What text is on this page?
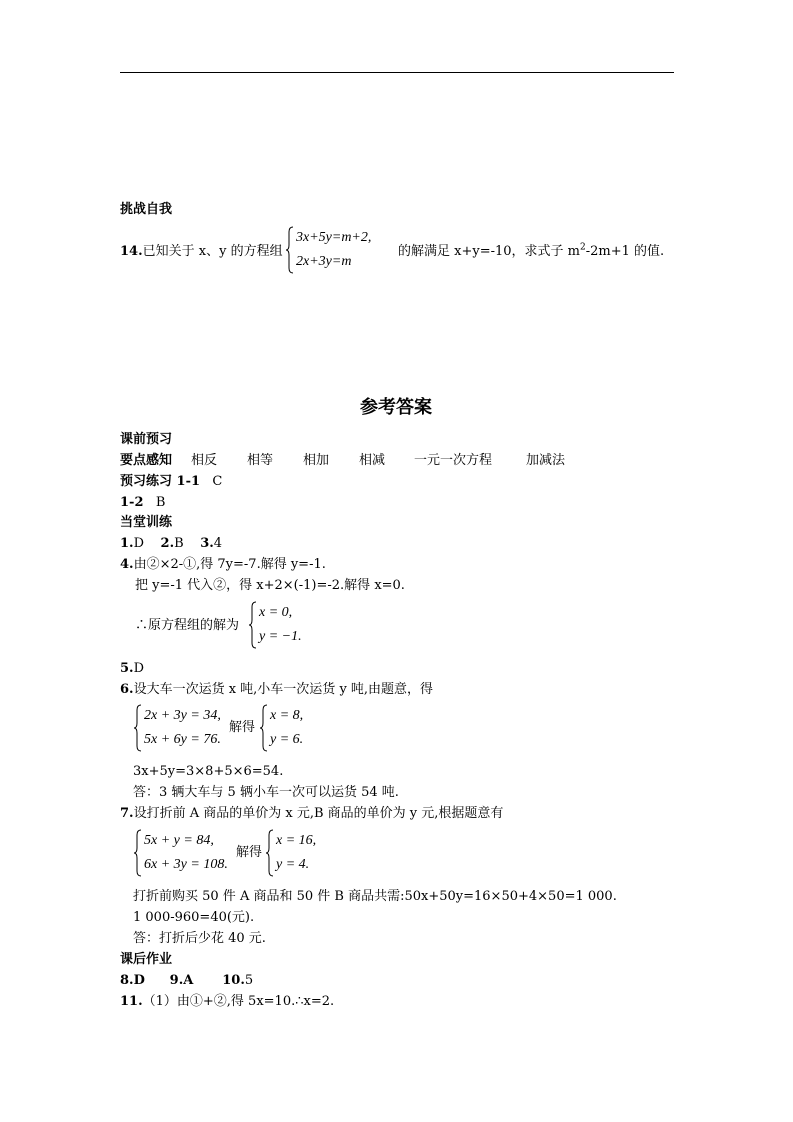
挑战自我
14.已知关于 x、y 的方程组
3x+5y=m+2,
2x+3y=m
的解满足 x+y=-10，求式子 $m^2-2m+1$ 的值.
参考答案
课前预习
要点感知 相反 相等 相加 相减 一元一次方程	加减法
预习练习 1-1 C
1-2 B
当堂训练
1.D 2.B 3.4
4.由②×2-①,得 7y=-7.解得 y=-1.
把 y=-1 代入②，得 x+2×(-1)=-2.解得 x=0.
∴原方程组的解为
x = 0,
y = −1.
5.D
6.设大车一次运货 x 吨,小车一次运货 y 吨,由题意，得
2x + 3y = 34,
5x + 6y = 76.
解得
x = 8,
y = 6.
3x+5y=3×8+5×6=54.
答：3 辆大车与 5 辆小车一次可以运货 54 吨.
7.设打折前 A 商品的单价为 x 元,B 商品的单价为 y 元,根据题意有
5x + y = 84,
6x + 3y = 108.
解得
x = 16,
y = 4.
打折前购买 50 件 A 商品和 50 件 B 商品共需:50x+50y=16×50+4×50=1 000.
1 000-960=40(元).
答：打折后少花 40 元.
课后作业
8.D 9.A 10.5
11.（1）由①+②,得 5x=10.∴x=2.
